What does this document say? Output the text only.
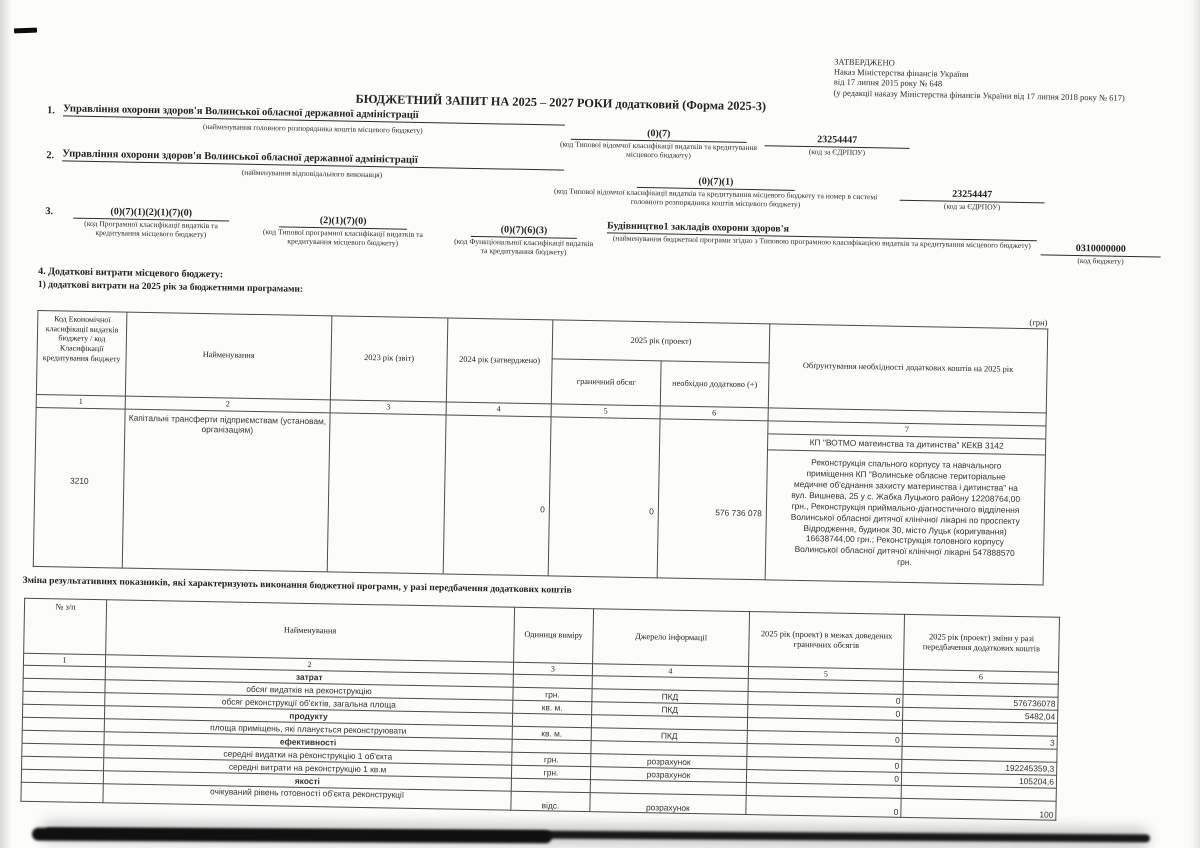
ЗАТВЕРДЖЕНО
Наказ Міністерства фінансів України
від 17 липня 2015 року № 648
(у редакції наказу Міністерства фінансів України від 17 липня 2018 року № 617)
БЮДЖЕТНИЙ ЗАПИТ НА 2025 – 2027 РОКИ додатковий (Форма 2025-3)
1. Управління охорони здоров'я Волинської обласної державної адміністрації
(найменування головного розпорядника коштів місцевого бюджету)	(0)(7)
(код Типової відомчої класифікації видатків та кредитування місцевого бюджету)
23254447
(код за ЄДРПОУ)
2. Управління охорони здоров'я Волинської обласної державної адміністрації
(найменування відповідального виконавця)
(0)(7)(1)
(код Типової відомчої класифікації видатків та кредитування місцевого бюджету та номер в системі головного розпорядника коштів місцевого бюджету)
23254447
(код за ЄДРПОУ)
3.	(0)(7)(1)(2)(1)(7)(0)
(код Програмної класифікації видатків та кредитування місцевого бюджету)
(2)(1)(7)(0)
(код Типової програмної класифікації видатків та кредитування місцевого бюджету)
(0)(7)(6)(3)
(код Функціональної класифікації видатків та кредитування бюджету)
Будівництво1 закладів охорони здоров'я
(найменування бюджетної програми згідно з Типовою програмною класифікацією видатків та кредитування місцевого бюджету)	0310000000
(код бюджету)
4. Додаткові витрати місцевого бюджету:
1) додаткові витрати на 2025 рік за бюджетними програмами:
(грн)
Код Економічної класифікації видатків бюджету / код Класифікації кредитування бюджету	Найменування	2023 рік (звіт)	2024 рік (затверджено)	2025 рік (проект)		Обґрунтування необхідності додаткових коштів на 2025 рік
				граничний обсяг	необхідно додатково (+)	
1	2	3	4	5	6	

3210	Капітальні трансферти підприємствам (установам, організаціям)		0	0	576 736 078	7
КП "ВОТМО матеинства та дитинства" КЕКВ 3142
Реконструкція спального корпусу та навчального приміщення КП "Волинське обласне територіальне медичне об'єднання захисту материнства і дитинства" на вул. Вишнева, 25 у с. Жабка Луцького району 12208764,00 грн., Реконструкція приймально-діагностичного відділення Волинської обласної дитячої клінічної лікарні по проспекту Відродження, будинок 30, місто Луцьк (коригування) 16638744,00 грн.; Реконструкція головного корпусу Волинської обласної дитячої клінічної лікарні 547888570 грн.
Зміна результативних показників, які характеризують виконання бюджетної програми, у разі передбачення додаткових коштів
№ з/п	Найменування	Одиниця виміру	Джерело інформації	2025 рік (проект) в межах доведених граничних обсягів	2025 рік (проект) зміни у разі передбачення додаткових коштів
1	2	3	4	5	6
	затрат				
	обсяг видатків на реконструкцію	грн.	ПКД	0	576736078
	обсяг реконструкції об'єктів, загальна площа	кв. м.	ПКД	0	5482,04
	продукту				
	площа приміщень, які планується реконструювати	кв. м.	ПКД	0	3
	ефективності				
	середні видатки на реконструкцію 1 об'єкта	грн.	розрахунок	0	192245359,3
	середні витрати на реконструкцію 1 кв.м	грн.	розрахунок	0	105204,6
	якості				
	очікуваний рівень готовності об'єкта реконструкції	відс.	розрахунок	0	100
